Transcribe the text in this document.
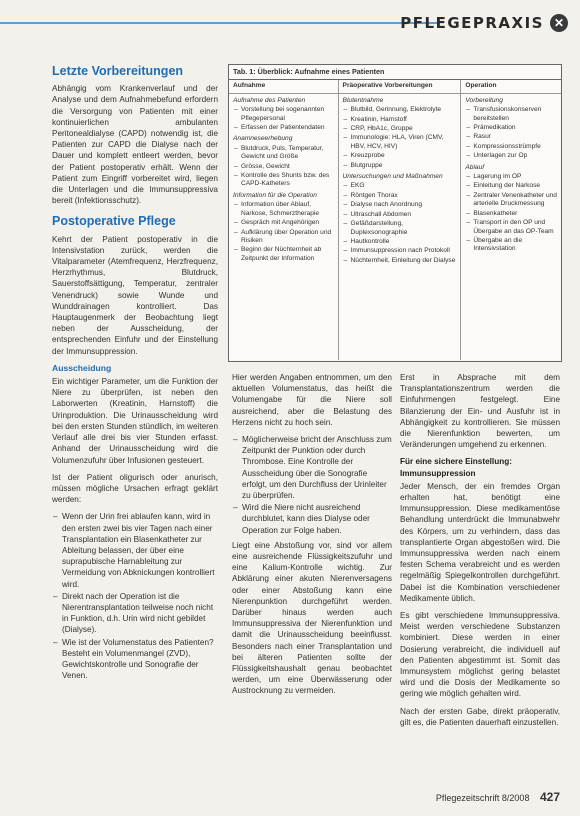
PFLEGEPRAXIS ✕
Letzte Vorbereitungen

Abhängig vom Krankenverlauf und der Analyse und dem Aufnahmebefund erfordern die Versorgung von Patienten mit einer kontinuierlichen ambulanten Peritonealdialyse (CAPD) notwendig ist, die Patienten zur CAPD die Dialyse nach der Dauer und komplett entleert werden, bevor der Patient postoperativ erhält. Wenn der Patient zum Eingriff vorbereitet wird, liegen die Unterlagen und die Immunsuppressiva bereit (Infektionsschutz).

Postoperative Pflege

Kehrt der Patient postoperativ in die Intensivstation zurück, werden die Vitalparameter (Atemfrequenz, Herzfrequenz, Herzrhythmus, Blutdruck, Sauerstoffsättigung, Temperatur, zentraler Venendruck) sowie Wunde und Wunddrainagen kontrolliert. Das Hauptaugenmerk der Beobachtung liegt neben der Ausscheidung, der entsprechenden Einfuhr und der Einstellung der Immunsuppression.

Ausscheidung

Ein wichtiger Parameter, um die Funktion der Niere zu überprüfen, ist neben den Laborwerten (Kreatinin, Harnstoff) die Urinproduktion. Die Urinausscheidung wird bei den ersten Stunden stündlich, im weiteren Verlauf alle drei bis vier Stunden erfasst. Anhand der Urinausscheidung wird die Volumenzufuhr über Infusionen gesteuert.

Ist der Patient oligurisch oder anurisch, müssen mögliche Ursachen erfragt geklärt werden:

– Wenn der Urin frei ablaufen kann, wird in den ersten zwei bis vier Tagen nach einer Transplantation ein Blasenkatheter zur Ableitung belassen, der über eine suprapubische Harnableitung zur Vermeidung von Abknickungen kontrolliert wird.
– Direkt nach der Operation ist die Nierentransplantation teilweise noch nicht in Funktion, d.h. Urin wird nicht gebildet (Dialyse).
– Wie ist der Volumenstatus des Patienten? Besteht ein Volumenmangel (ZVD), Gewichtskontrolle und Sonografie der Venen.
Tab. 1: Überblick: Aufnahme eines Patienten
Aufnahme
Aufnahme des Patienten
– Vorstellung bei sogenannten Pflegepersonal
– Erfassen der Patientendaten
Anamneseerhebung
– Blutdruck, Puls, Temperatur, Gewicht und Größe
– Grösse, Gewicht
– Kontrolle des Shunts bzw. des CAPD-Katheters
Information für die Operation
– Information über Ablauf, Narkose, Schmerztherapie
– Gespräch mit Angehörigen
– Aufklärung über Operation und Risiken
– Beginn der Nüchternheit ab Zeitpunkt der Information
Präoperative Vorbereitungen
Blutentnahme
– Blutbild, Gerinnung, Elektrolyte
– Kreatinin, Harnstoff
– CRP, HbA1c, Gruppe
– Immunologie: HLA, Viren (CMV, HBV, HCV, HIV)
– Kreuzprobe
– Blutgruppe
Untersuchungen und Maßnahmen
– EKG
– Röntgen Thorax
– Dialyse nach Anordnung
– Ultraschall Abdomen
– Gefäßdarstellung, Duplexsonographie
– Hautkontrolle
– Immunsuppression nach Protokoll
– Nüchternheit, Einleitung der Dialyse
Operation
Vorbereitung
– Transfusionskonserven bereitstellen
– Prämedikation
– Rasur
– Kompressionsstrümpfe
– Unterlagen zur Op
Ablauf
– Lagerung im OP
– Einleitung der Narkose
– Zentraler Venenkatheter und arterielle Druckmessung
– Blasenkatheter
– Transport in den OP und Übergabe an das OP-Team
– Übergabe an die Intensivstation

Hier werden Angaben entnommen, um den aktuellen Volumenstatus, das heißt die Volumengabe für die Niere soll ausreichend, aber die Belastung des Herzens nicht zu hoch sein.

– Möglicherweise bricht der Anschluss zum Zeitpunkt der Punktion oder durch Thrombose. Eine Kontrolle der Ausscheidung über die Sonografie erfolgt, um den Durchfluss der Urinleiter zu überprüfen.
– Wird die Niere nicht ausreichend durchblutet, kann dies Dialyse oder Operation zur Folge haben.

Liegt eine Abstoßung vor, sind vor allem eine ausreichende Flüssigkeitszufuhr und eine Kalium-Kontrolle wichtig. Zur Abklärung einer akuten Nierenversagens oder einer Abstoßung kann eine Nierenpunktion durchgeführt werden. Darüber hinaus werden auch Immunsuppressiva der Nierenfunktion und damit die Urinausscheidung beeinflusst. Besonders nach einer Transplantation und bei älteren Patienten sollte der Flüssigkeitshaushalt genau beobachtet werden, um eine Überwässerung oder Austrocknung zu vermeiden.

Erst in Absprache mit dem Transplantationszentrum werden die Einfuhrmengen festgelegt. Eine Bilanzierung der Ein- und Ausfuhr ist in Abhängigkeit zu kontrollieren. Sie müssen die Nierenfunktion bewerten, um Veränderungen umgehend zu erkennen.

Für eine sichere Einstellung: Immunsuppression

Jeder Mensch, der ein fremdes Organ erhalten hat, benötigt eine Immunsuppression. Diese medikamentöse Behandlung unterdrückt die Immunabwehr des Körpers, um zu verhindern, dass das transplantierte Organ abgestoßen wird. Die Immunsuppressiva werden nach einem festen Schema verabreicht und es werden regelmäßig Spiegelkontrollen durchgeführt. Dabei ist die Kombination verschiedener Medikamente üblich.

Es gibt verschiedene Immunsuppressiva. Meist werden verschiedene Substanzen kombiniert. Diese werden in einer Dosierung verabreicht, die individuell auf den Patienten abgestimmt ist. Somit das Immunsystem möglichst gering belastet wird und die Dosis der Medikamente so gering wie möglich gehalten wird.

Nach der ersten Gabe, direkt präoperativ, gilt es, die Patienten dauerhaft einzustellen.

Pflegezeitschrift 8/2008 427
